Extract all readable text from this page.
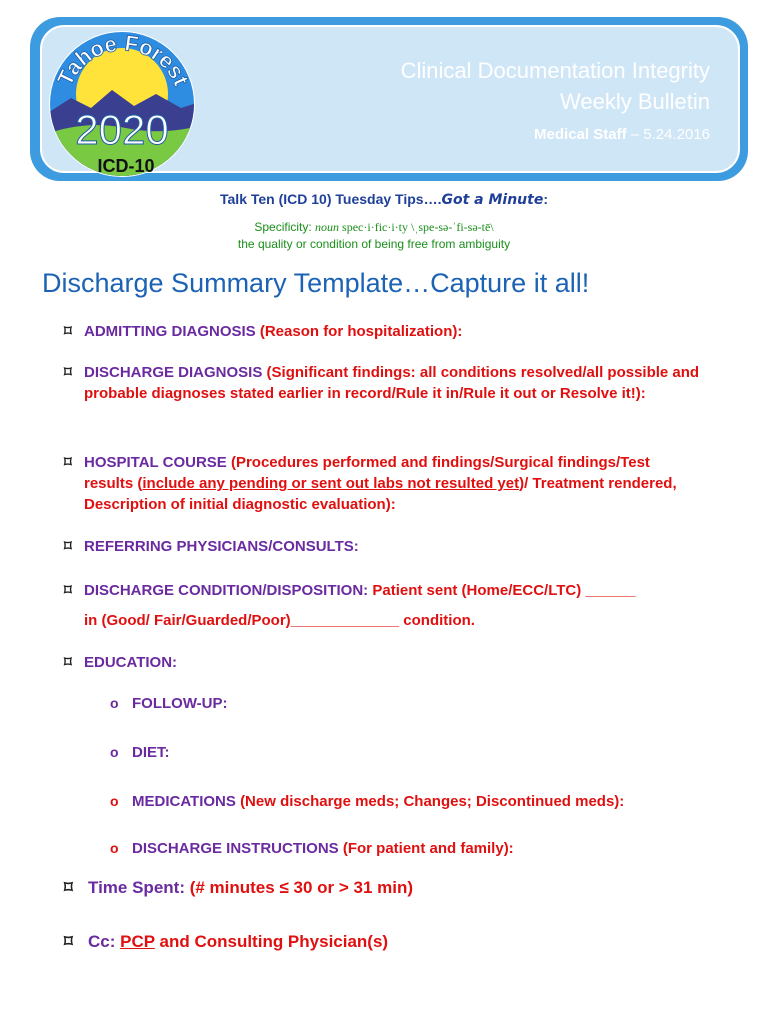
Clinical Documentation Integrity
Weekly Bulletin
Medical Staff – 5.24.2016
Tahoe Forest
2020
ICD-10
Talk Ten (ICD 10) Tuesday Tips….Got a Minute:
Specificity: noun spec·i·fic·i·ty \ˌspe-sə-ˈfi-sə-tē\
the quality or condition of being free from ambiguity
Discharge Summary Template…Capture it all!
⌑ ADMITTING DIAGNOSIS (Reason for hospitalization):
⌑ DISCHARGE DIAGNOSIS (Significant findings: all conditions resolved/all possible and probable diagnoses stated earlier in record/Rule it in/Rule it out or Resolve it!):
⌑ HOSPITAL COURSE (Procedures performed and findings/Surgical findings/Test results (include any pending or sent out labs not resulted yet)/ Treatment rendered, Description of initial diagnostic evaluation):
⌑ REFERRING PHYSICIANS/CONSULTS:
⌑ DISCHARGE CONDITION/DISPOSITION: Patient sent (Home/ECC/LTC) ______
in (Good/ Fair/Guarded/Poor)_____________ condition.
⌑ EDUCATION:
o FOLLOW-UP:
o DIET:
o MEDICATIONS (New discharge meds; Changes; Discontinued meds):
o DISCHARGE INSTRUCTIONS (For patient and family):
⌑ Time Spent: (# minutes ≤ 30 or > 31 min)
⌑ Cc: PCP and Consulting Physician(s)
